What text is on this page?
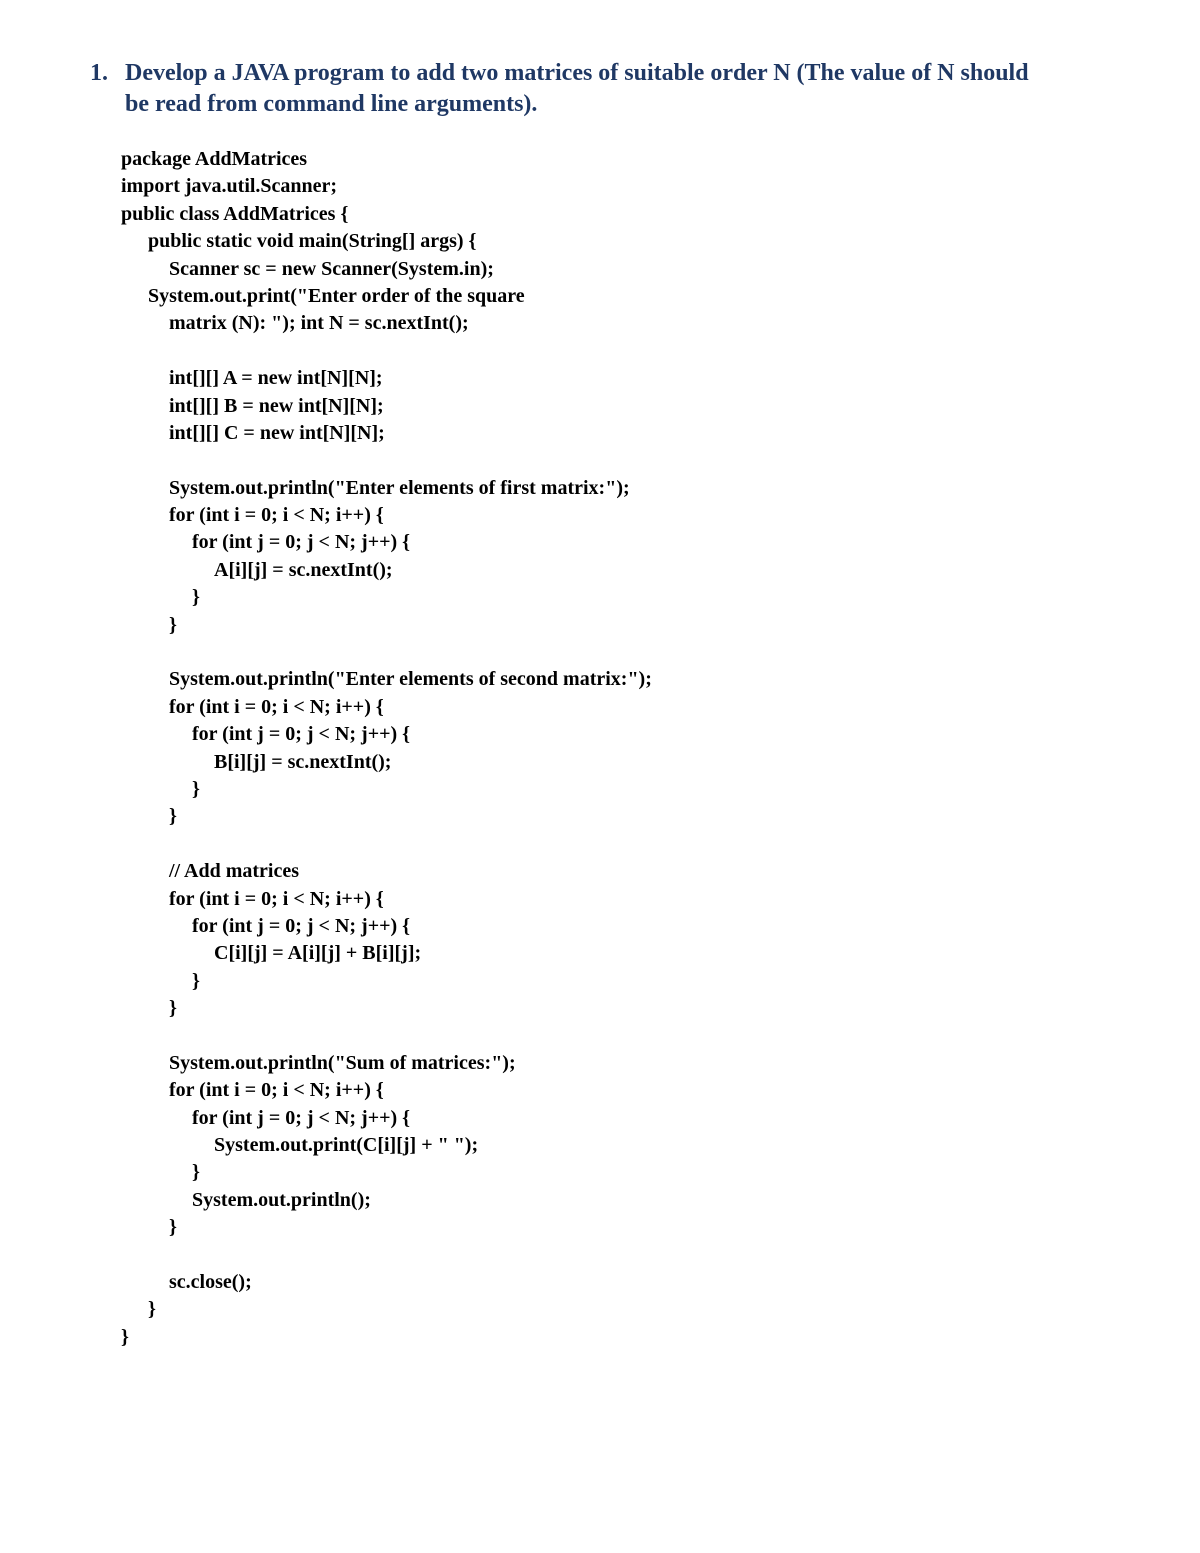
1. Develop a JAVA program to add two matrices of suitable order N (The value of N should be read from command line arguments).
package AddMatrices
import java.util.Scanner;
public class AddMatrices {
public static void main(String[] args) {
Scanner sc = new Scanner(System.in);
System.out.print("Enter order of the square
matrix (N): "); int N = sc.nextInt();
int[][] A = new int[N][N];
int[][] B = new int[N][N];
int[][] C = new int[N][N];
System.out.println("Enter elements of first matrix:");
for (int i = 0; i < N; i++) {
for (int j = 0; j < N; j++) {
A[i][j] = sc.nextInt();
}
}
System.out.println("Enter elements of second matrix:");
for (int i = 0; i < N; i++) {
for (int j = 0; j < N; j++) {
B[i][j] = sc.nextInt();
}
}
// Add matrices
for (int i = 0; i < N; i++) {
for (int j = 0; j < N; j++) {
C[i][j] = A[i][j] + B[i][j];
}
}
System.out.println("Sum of matrices:");
for (int i = 0; i < N; i++) {
for (int j = 0; j < N; j++) {
System.out.print(C[i][j] + " ");
}
System.out.println();
}
sc.close();
}
}
